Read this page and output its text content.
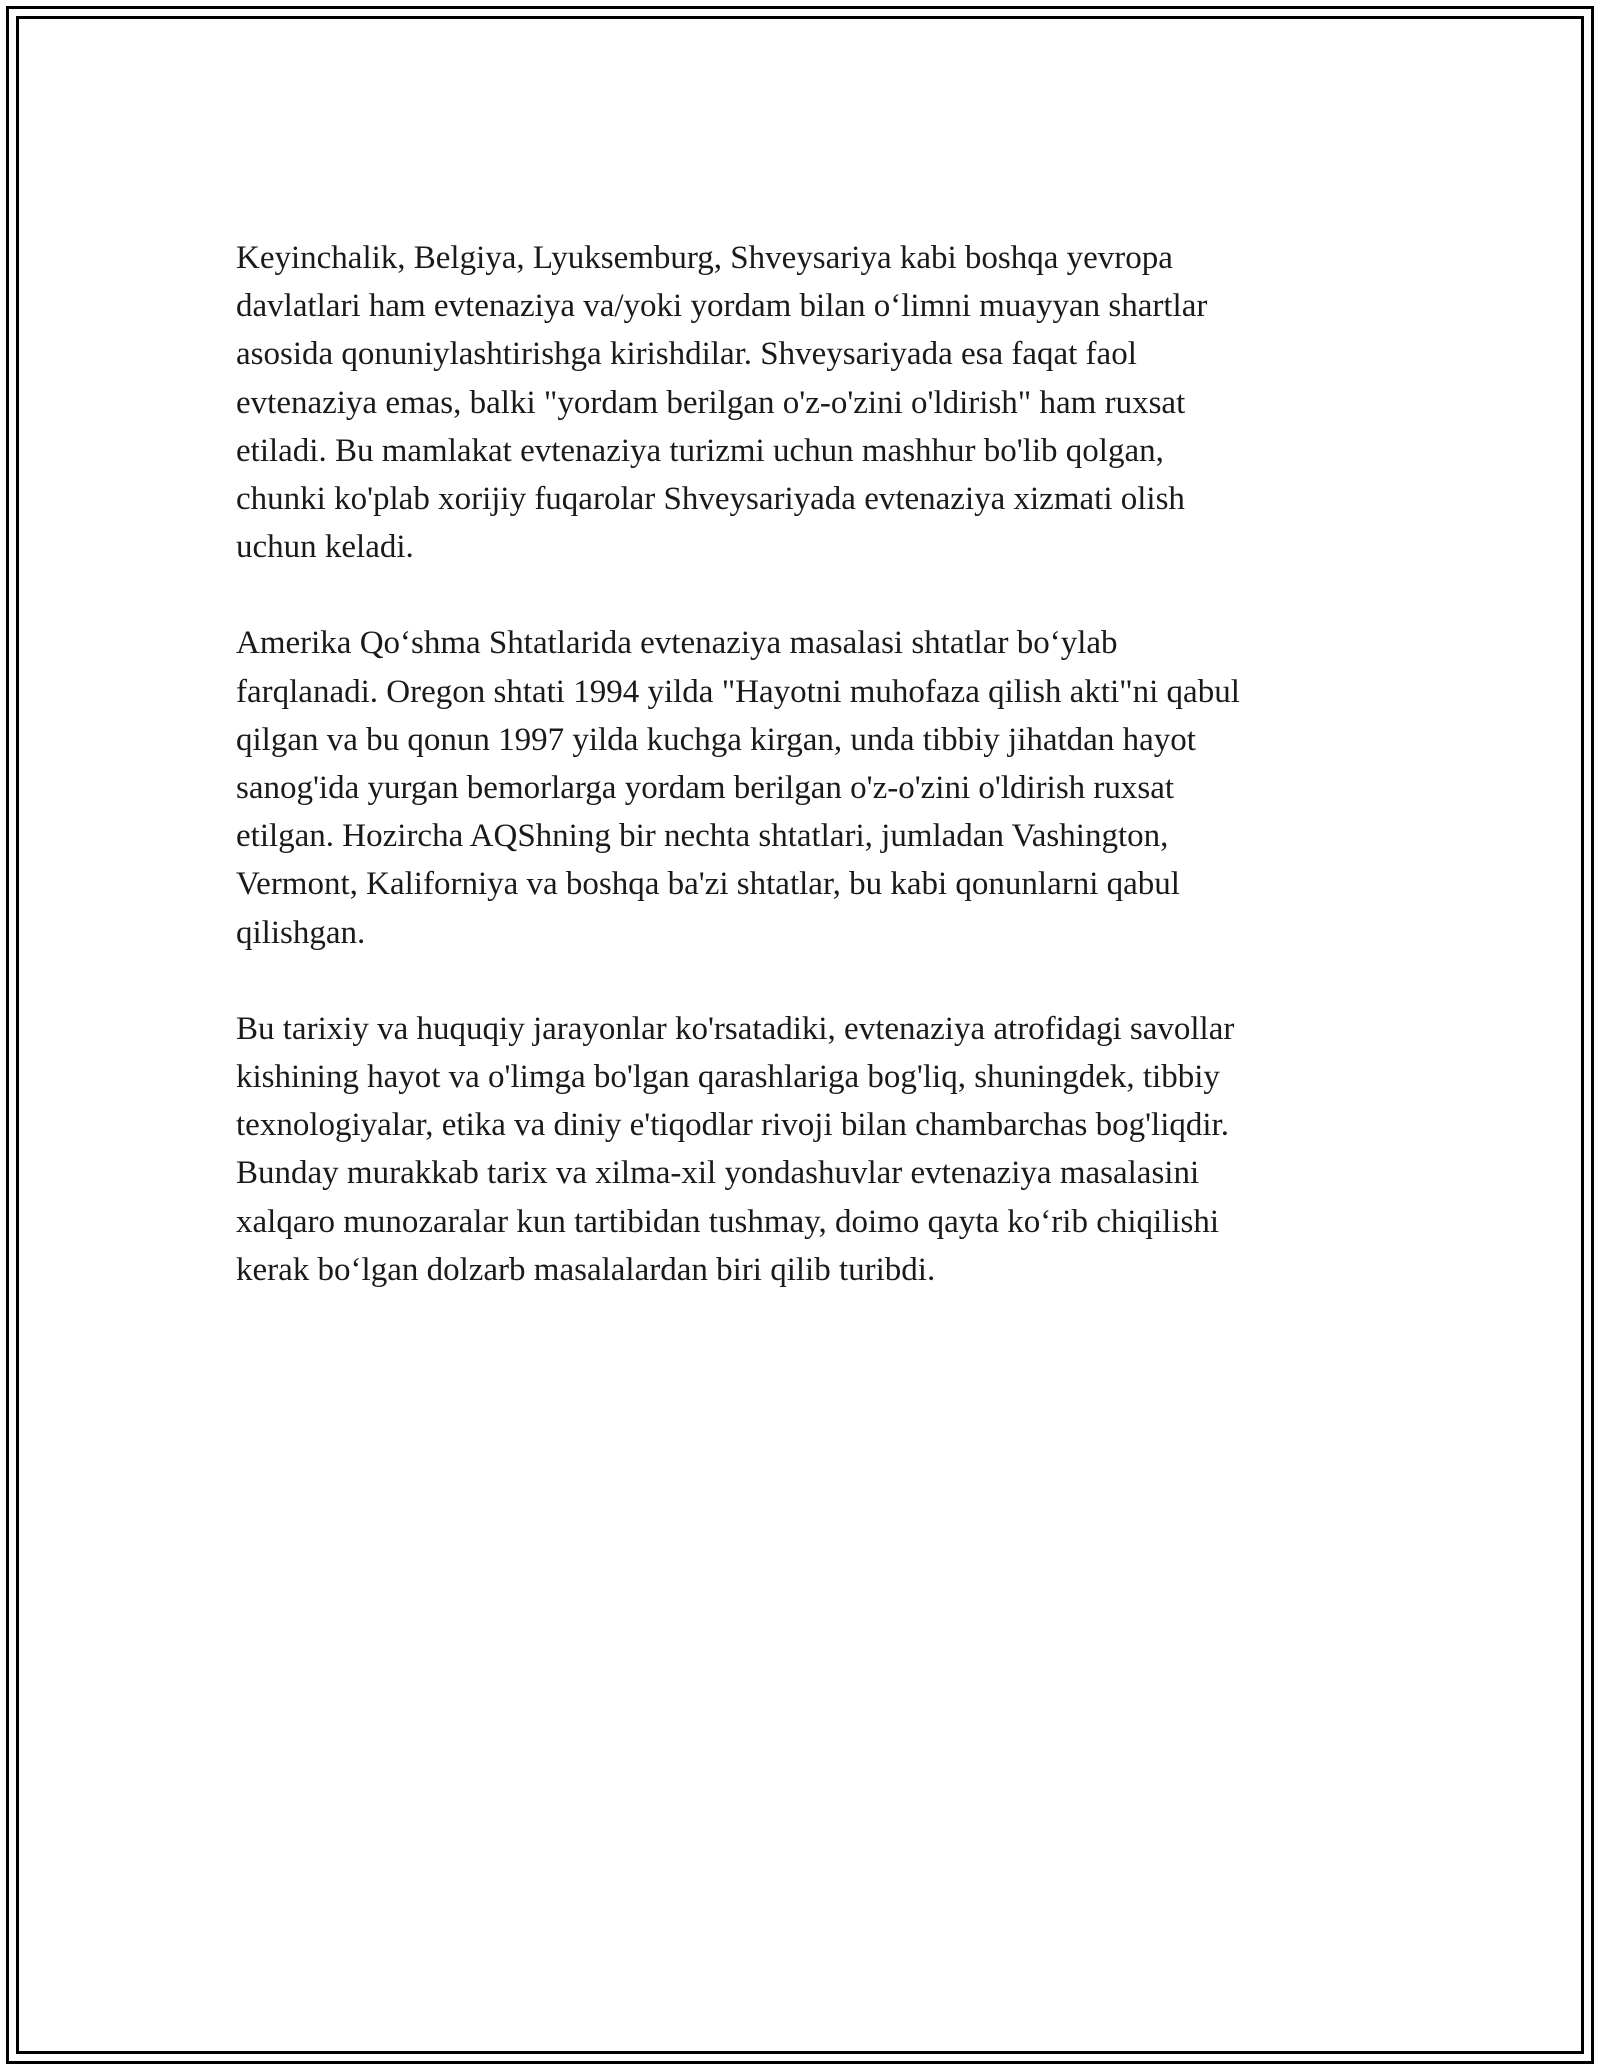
Keyinchalik, Belgiya, Lyuksemburg, Shveysariya kabi boshqa yevropa
davlatlari ham evtenaziya va/yoki yordam bilan o‘limni muayyan shartlar
asosida qonuniylashtirishga kirishdilar. Shveysariyada esa faqat faol
evtenaziya emas, balki "yordam berilgan o'z-o'zini o'ldirish" ham ruxsat
etiladi. Bu mamlakat evtenaziya turizmi uchun mashhur bo'lib qolgan,
chunki ko'plab xorijiy fuqarolar Shveysariyada evtenaziya xizmati olish
uchun keladi.

Amerika Qo‘shma Shtatlarida evtenaziya masalasi shtatlar bo‘ylab
farqlanadi. Oregon shtati 1994 yilda "Hayotni muhofaza qilish akti"ni qabul
qilgan va bu qonun 1997 yilda kuchga kirgan, unda tibbiy jihatdan hayot
sanog'ida yurgan bemorlarga yordam berilgan o'z-o'zini o'ldirish ruxsat
etilgan. Hozircha AQShning bir nechta shtatlari, jumladan Vashington,
Vermont, Kaliforniya va boshqa ba'zi shtatlar, bu kabi qonunlarni qabul
qilishgan.

Bu tarixiy va huquqiy jarayonlar ko'rsatadiki, evtenaziya atrofidagi savollar
kishining hayot va o'limga bo'lgan qarashlariga bog'liq, shuningdek, tibbiy
texnologiyalar, etika va diniy e'tiqodlar rivoji bilan chambarchas bog'liqdir.
Bunday murakkab tarix va xilma-xil yondashuvlar evtenaziya masalasini
xalqaro munozaralar kun tartibidan tushmay, doimo qayta ko‘rib chiqilishi
kerak bo‘lgan dolzarb masalalardan biri qilib turibdi.
